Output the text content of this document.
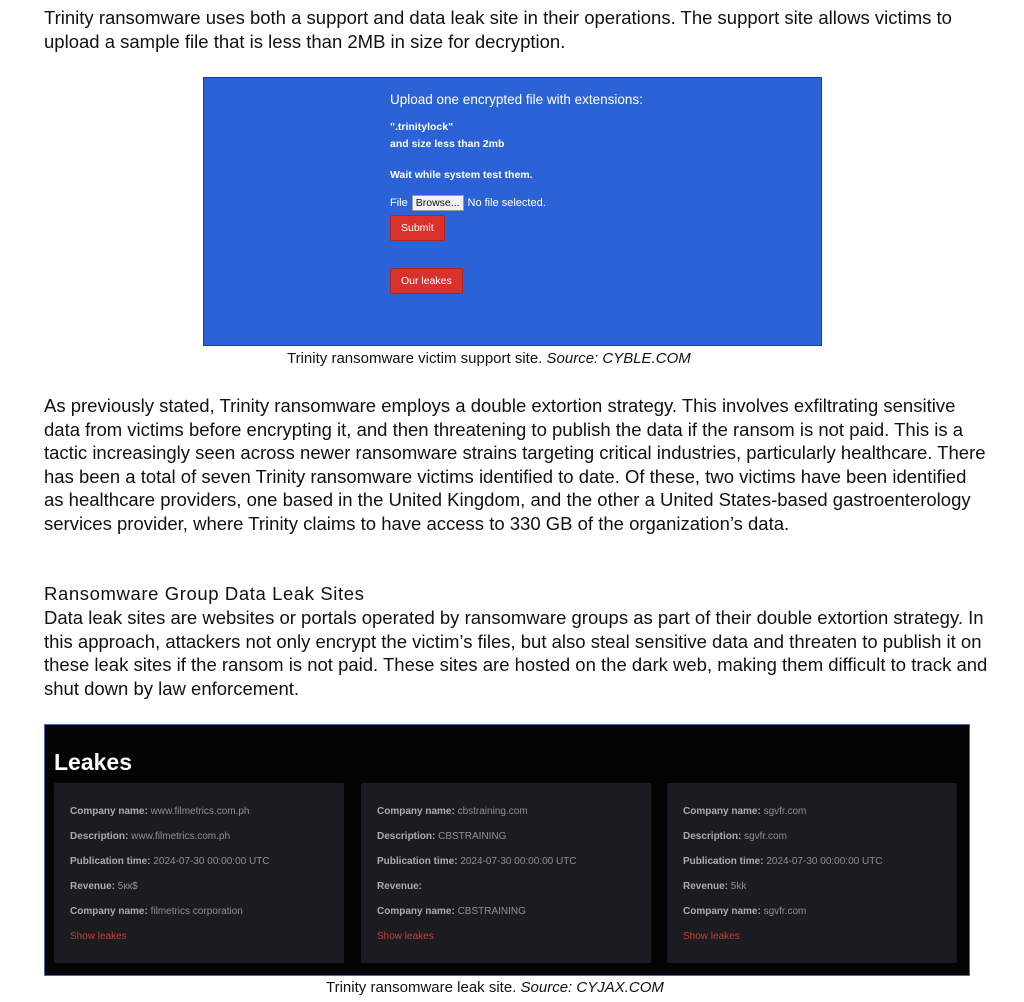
Trinity ransomware uses both a support and data leak site in their operations. The support site allows victims to upload a sample file that is less than 2MB in size for decryption.

Upload one encrypted file with extensions:

".trinitylock"

and size less than 2mb

Wait while system test them.

File Browse... No file selected.
Submit
Our leakes

Trinity ransomware victim support site. Source: CYBLE.COM

As previously stated, Trinity ransomware employs a double extortion strategy. This involves exfiltrating sensitive data from victims before encrypting it, and then threatening to publish the data if the ransom is not paid. This is a tactic increasingly seen across newer ransomware strains targeting critical industries, particularly healthcare. There has been a total of seven Trinity ransomware victims identified to date. Of these, two victims have been identified as healthcare providers, one based in the United Kingdom, and the other a United States-based gastroenterology services provider, where Trinity claims to have access to 330 GB of the organization’s data.

Ransomware Group Data Leak Sites

Data leak sites are websites or portals operated by ransomware groups as part of their double extortion strategy. In this approach, attackers not only encrypt the victim’s files, but also steal sensitive data and threaten to publish it on these leak sites if the ransom is not paid. These sites are hosted on the dark web, making them difficult to track and shut down by law enforcement.

Leakes

Company name: www.filmetrics.com.ph
Description: www.filmetrics.com.ph
Publication time: 2024-07-30 00:00:00 UTC
Revenue: 5кк$
Company name: filmetrics corporation
Show leakes
Company name: cbstraining.com
Description: CBSTRAINING
Publication time: 2024-07-30 00:00:00 UTC
Revenue:
Company name: CBSTRAINING
Show leakes
Company name: sgvfr.com
Description: sgvfr.com
Publication time: 2024-07-30 00:00:00 UTC
Revenue: 5kk
Company name: sgvfr.com
Show leakes

Trinity ransomware leak site. Source: CYJAX.COM
